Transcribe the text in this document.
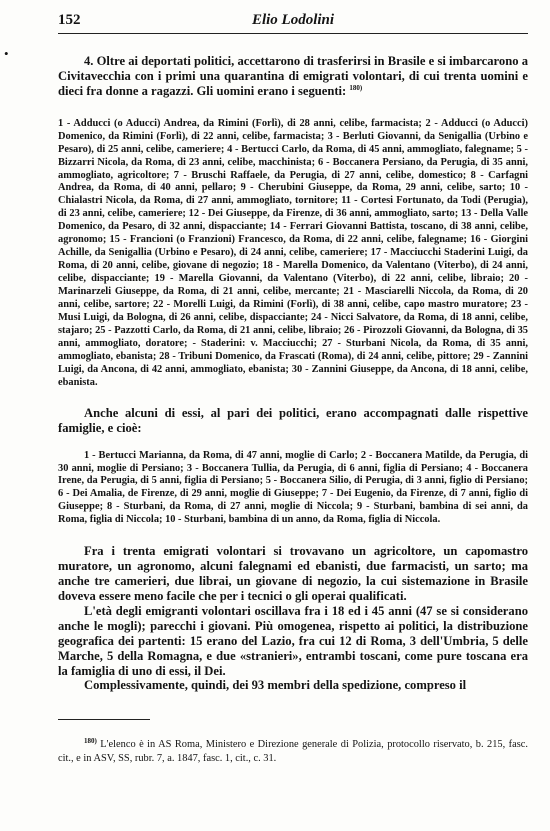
•
152	Elio Lodolini

4. Oltre ai deportati politici, accettarono di trasferirsi in Brasile e si imbarcarono a Civitavecchia con i primi una quarantina di emigrati volontari, di cui trenta uomini e dieci fra donne a ragazzi. Gli uomini erano i seguenti: $^{180)}$

1 - Adducci (o Aducci) Andrea, da Rimini (Forlì), di 28 anni, celibe, farmacista; 2 - Adducci (o Aducci) Domenico, da Rimini (Forlì), di 22 anni, celibe, farmacista; 3 - Berluti Giovanni, da Senigallia (Urbino e Pesaro), di 25 anni, celibe, cameriere; 4 - Bertucci Carlo, da Roma, di 45 anni, ammogliato, falegname; 5 - Bizzarri Nicola, da Roma, di 23 anni, celibe, macchinista; 6 - Boccanera Persiano, da Perugia, di 35 anni, ammogliato, agricoltore; 7 - Bruschi Raffaele, da Perugia, di 27 anni, celibe, domestico; 8 - Carfagni Andrea, da Roma, di 40 anni, pellaro; 9 - Cherubini Giuseppe, da Roma, 29 anni, celibe, sarto; 10 - Chialastri Nicola, da Roma, di 27 anni, ammogliato, tornitore; 11 - Cortesi Fortunato, da Todi (Perugia), di 23 anni, celibe, cameriere; 12 - Dei Giuseppe, da Firenze, di 36 anni, ammogliato, sarto; 13 - Della Valle Domenico, da Pesaro, di 32 anni, dispacciante; 14 - Ferrari Giovanni Battista, toscano, di 38 anni, celibe, agronomo; 15 - Francioni (o Franzioni) Francesco, da Roma, di 22 anni, celibe, falegname; 16 - Giorgini Achille, da Senigallia (Urbino e Pesaro), di 24 anni, celibe, cameriere; 17 - Macciucchi Staderini Luigi, da Roma, di 20 anni, celibe, giovane di negozio; 18 - Marella Domenico, da Valentano (Viterbo), di 24 anni, celibe, dispacciante; 19 - Marella Giovanni, da Valentano (Viterbo), di 22 anni, celibe, libraio; 20 - Marinarzeli Giuseppe, da Roma, di 21 anni, celibe, mercante; 21 - Masciarelli Niccola, da Roma, di 20 anni, celibe, sartore; 22 - Morelli Luigi, da Rimini (Forlì), di 38 anni, celibe, capo mastro muratore; 23 - Musi Luigi, da Bologna, di 26 anni, celibe, dispacciante; 24 - Nicci Salvatore, da Roma, di 18 anni, celibe, stajaro; 25 - Pazzotti Carlo, da Roma, di 21 anni, celibe, libraio; 26 - Pirozzoli Giovanni, da Bologna, di 35 anni, ammogliato, doratore; - Staderini: v. Macciucchi; 27 - Sturbani Nicola, da Roma, di 35 anni, ammogliato, ebanista; 28 - Tribuni Domenico, da Frascati (Roma), di 24 anni, celibe, pittore; 29 - Zannini Luigi, da Ancona, di 42 anni, ammogliato, ebanista; 30 - Zannini Giuseppe, da Ancona, di 18 anni, celibe, ebanista.

Anche alcuni di essi, al pari dei politici, erano accompagnati dalle rispettive famiglie, e cioè:

1 - Bertucci Marianna, da Roma, di 47 anni, moglie di Carlo; 2 - Boccanera Matilde, da Perugia, di 30 anni, moglie di Persiano; 3 - Boccanera Tullia, da Perugia, di 6 anni, figlia di Persiano; 4 - Boccanera Irene, da Perugia, di 5 anni, figlia di Persiano; 5 - Boccanera Silio, di Perugia, di 3 anni, figlio di Persiano; 6 - Dei Amalia, de Firenze, di 29 anni, moglie di Giuseppe; 7 - Dei Eugenio, da Firenze, di 7 anni, figlio di Giuseppe; 8 - Sturbani, da Roma, di 27 anni, moglie di Niccola; 9 - Sturbani, bambina di sei anni, da Roma, figlia di Niccola; 10 - Sturbani, bambina di un anno, da Roma, figlia di Niccola.

Fra i trenta emigrati volontari si trovavano un agricoltore, un capomastro muratore, un agronomo, alcuni falegnami ed ebanisti, due farmacisti, un sarto; ma anche tre camerieri, due librai, un giovane di negozio, la cui sistemazione in Brasile doveva essere meno facile che per i tecnici o gli operai qualificati.

L'età degli emigranti volontari oscillava fra i 18 ed i 45 anni (47 se si considerano anche le mogli); parecchi i giovani. Più omogenea, rispetto ai politici, la distribuzione geografica dei partenti: 15 erano del Lazio, fra cui 12 di Roma, 3 dell'Umbria, 5 delle Marche, 5 della Romagna, e due «stranieri», entrambi toscani, come pure toscana era la famiglia di uno di essi, il Dei.

Complessivamente, quindi, dei 93 membri della spedizione, compreso il

$^{180)}$ L'elenco è in AS Roma, Ministero e Direzione generale di Polizia, protocollo riservato, b. 215, fasc. cit., e in ASV, SS, rubr. 7, a. 1847, fasc. 1, cit., c. 31.
